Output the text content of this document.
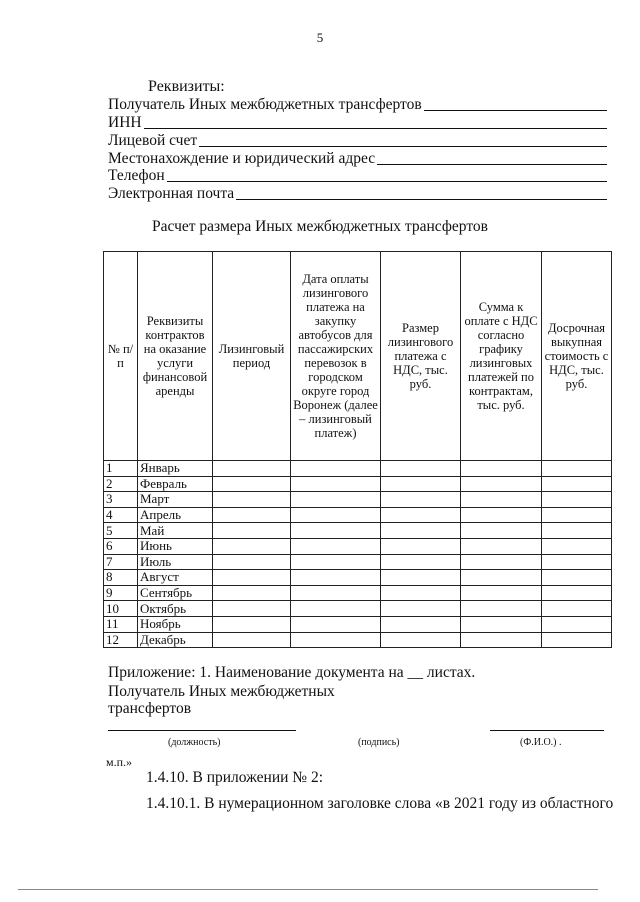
5
Реквизиты:
Получатель Иных межбюджетных трансфертов
ИНН
Лицевой счет
Местонахождение и юридический адрес
Телефон
Электронная почта
Расчет размера Иных межбюджетных трансфертов
№ п/п	Реквизиты контрактов на оказание услуги финансовой аренды	Лизинговый период	Дата оплаты лизингового платежа на закупку автобусов для пассажирских перевозок в городском округе город Воронеж (далее – лизинговый платеж)	Размер лизингового платежа с НДС, тыс. руб.	Сумма к оплате с НДС согласно графику лизинговых платежей по контрактам, тыс. руб.	Досрочная выкупная стоимость с НДС, тыс. руб.
1	Январь					
2	Февраль					
3	Март					
4	Апрель					
5	Май					
6	Июнь					
7	Июль					
8	Август					
9	Сентябрь					
10	Октябрь					
11	Ноябрь					
12	Декабрь					
Приложение: 1. Наименование документа на __ листах.
Получатель Иных межбюджетных
трансфертов
(должность)	(подпись)	(Ф.И.О.) .
м.п.»
1.4.10. В приложении № 2:
1.4.10.1. В нумерационном заголовке слова «в 2021 году из областного
